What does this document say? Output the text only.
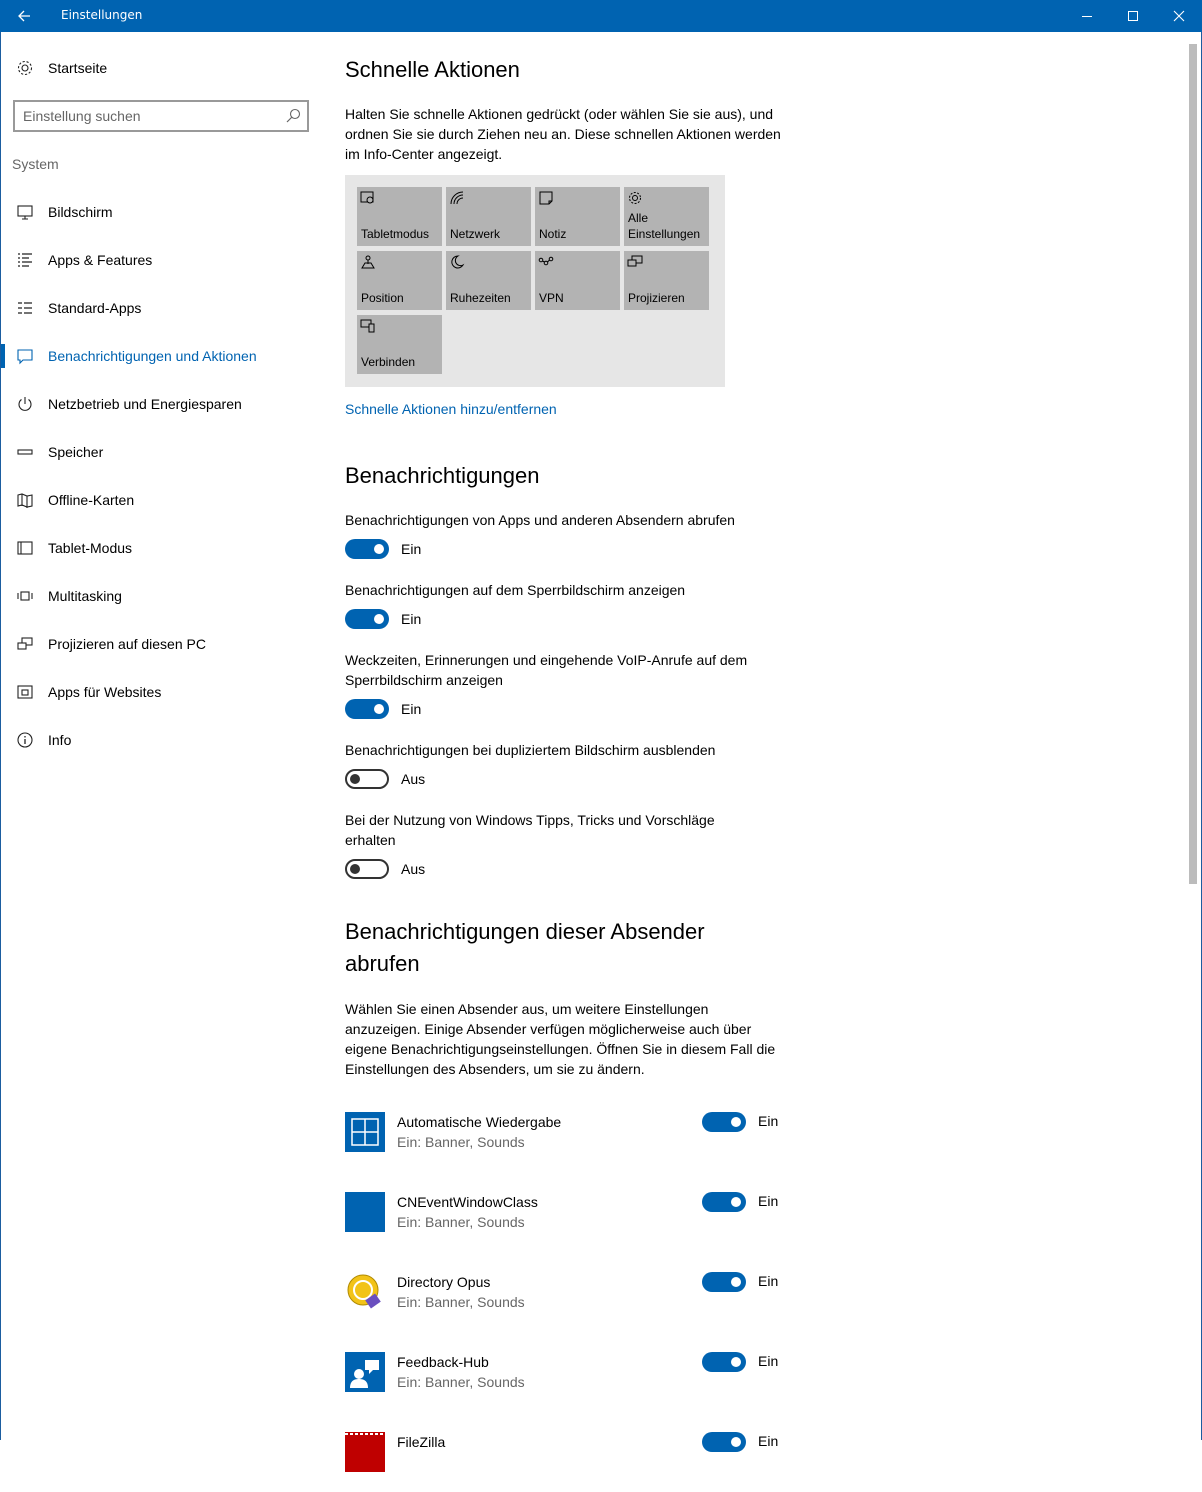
Einstellungen
Startseite
Einstellung suchen
System
Bildschirm
Apps & Features
Standard-Apps
Benachrichtigungen und Aktionen
Netzbetrieb und Energiesparen
Speicher
Offline-Karten
Tablet-Modus
Multitasking
Projizieren auf diesen PC
Apps für Websites
Info
Schnelle Aktionen

Halten Sie schnelle Aktionen gedrückt (oder wählen Sie sie aus), und ordnen Sie sie durch Ziehen neu an. Diese schnellen Aktionen werden im Info-Center angezeigt.

Tabletmodus Netzwerk	Notiz
Alle Einstellungen
Position	Ruhezeiten VPN	Projizieren
Verbinden
Schnelle Aktionen hinzu/entfernen
Benachrichtigungen
Benachrichtigungen von Apps und anderen Absendern abrufen
Ein
Benachrichtigungen auf dem Sperrbildschirm anzeigen
Ein
Weckzeiten, Erinnerungen und eingehende VoIP-Anrufe auf dem Sperrbildschirm anzeigen
Ein
Benachrichtigungen bei dupliziertem Bildschirm ausblenden
Aus
Bei der Nutzung von Windows Tipps, Tricks und Vorschläge erhalten
Aus
Benachrichtigungen dieser Absender abrufen

Wählen Sie einen Absender aus, um weitere Einstellungen anzuzeigen. Einige Absender verfügen möglicherweise auch über eigene Benachrichtigungseinstellungen. Öffnen Sie in diesem Fall die Einstellungen des Absenders, um sie zu ändern.

Automatische Wiedergabe
Ein: Banner, Sounds
Ein
CNEventWindowClass
Ein: Banner, Sounds
Ein
Directory Opus
Ein: Banner, Sounds
Ein
Feedback-Hub
Ein: Banner, Sounds
Ein
FileZilla	Ein
